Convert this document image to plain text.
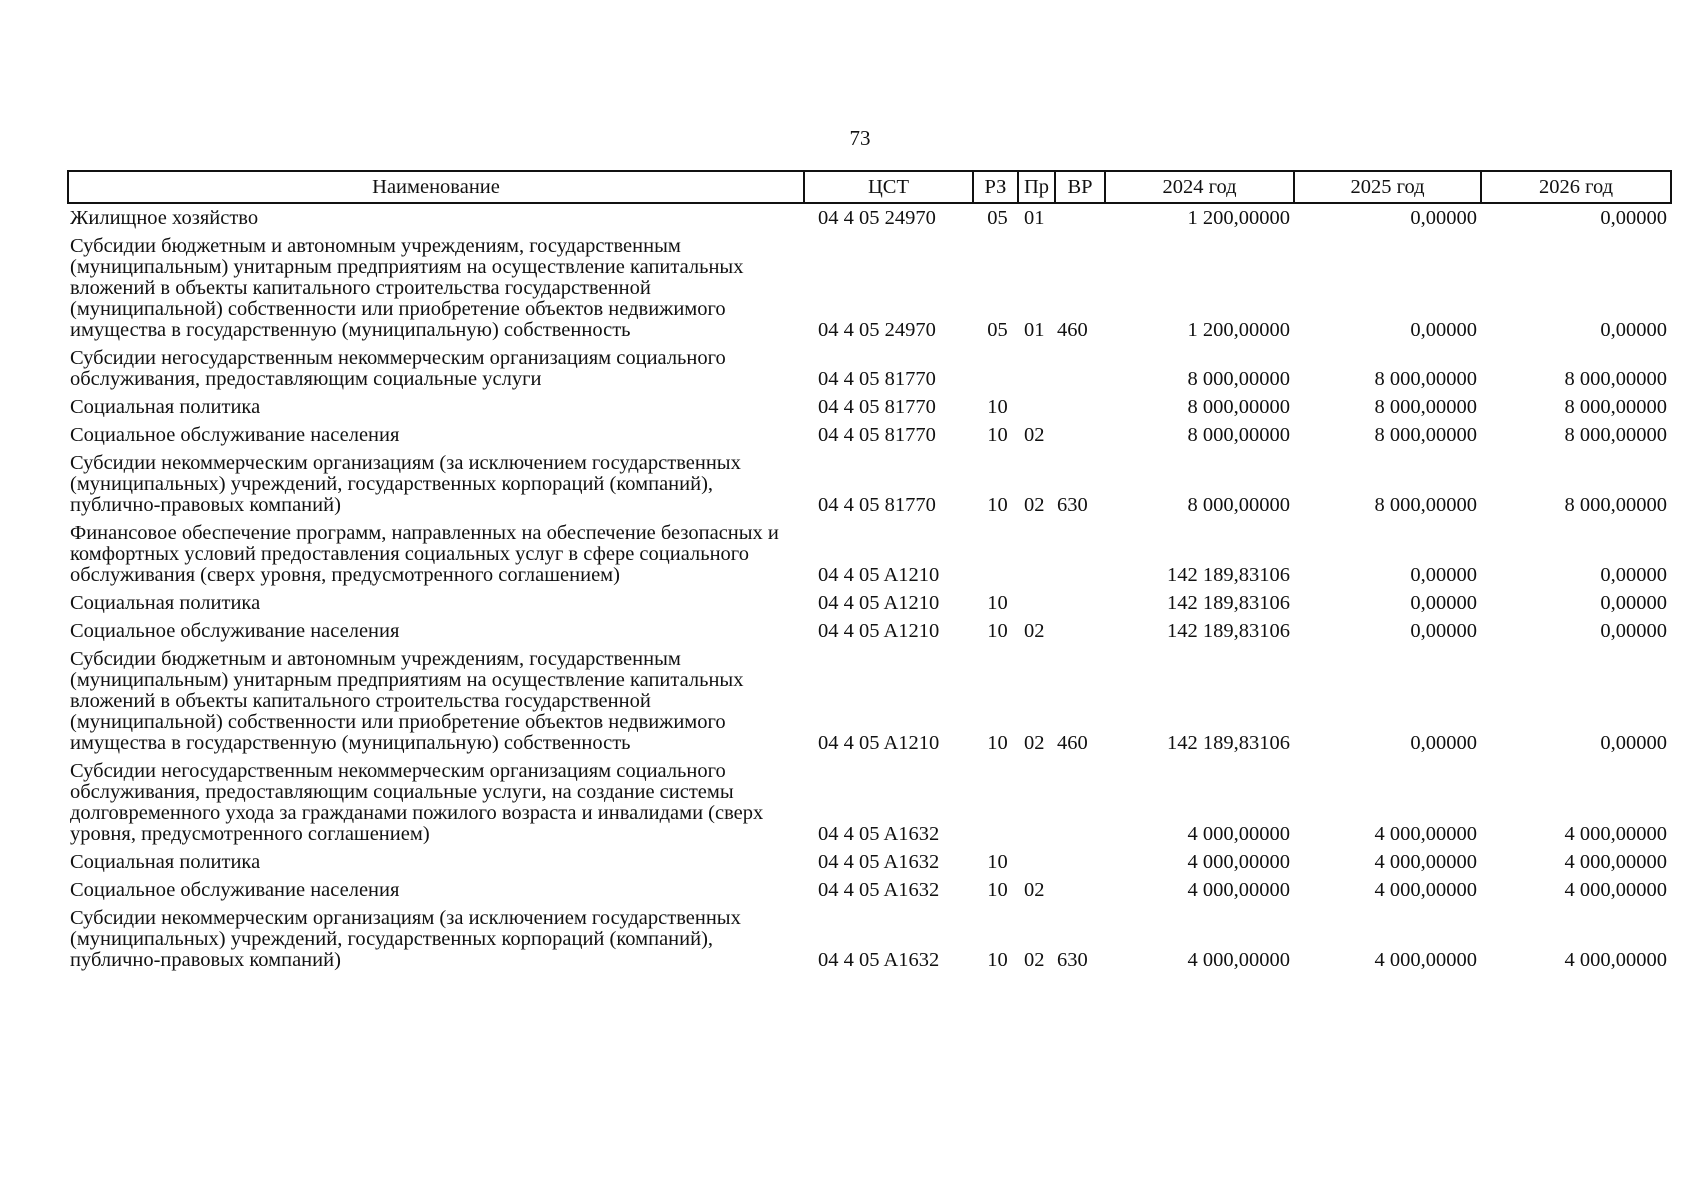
73
Наименование	ЦСТ	РЗ	Пр	ВР	2024 год	2025 год	2026 год
Жилищное хозяйство	04 4 05 24970	05	01		1 200,00000	0,00000	0,00000
Субсидии бюджетным и автономным учреждениям, государственным (муниципальным) унитарным предприятиям на осуществление капитальных вложений в объекты капитального строительства государственной (муниципальной) собственности или приобретение объектов недвижимого имущества в государственную (муниципальную) собственность	04 4 05 24970	05	01	460	1 200,00000	0,00000	0,00000
Субсидии негосударственным некоммерческим организациям социального обслуживания, предоставляющим социальные услуги	04 4 05 81770				8 000,00000	8 000,00000	8 000,00000
Социальная политика	04 4 05 81770	10			8 000,00000	8 000,00000	8 000,00000
Социальное обслуживание населения	04 4 05 81770	10	02		8 000,00000	8 000,00000	8 000,00000
Субсидии некоммерческим организациям (за исключением государственных (муниципальных) учреждений, государственных корпораций (компаний), публично-правовых компаний)	04 4 05 81770	10	02	630	8 000,00000	8 000,00000	8 000,00000
Финансовое обеспечение программ, направленных на обеспечение безопасных и комфортных условий предоставления социальных услуг в сфере социального обслуживания (сверх уровня, предусмотренного соглашением)	04 4 05 A1210				142 189,83106	0,00000	0,00000
Социальная политика	04 4 05 A1210	10			142 189,83106	0,00000	0,00000
Социальное обслуживание населения	04 4 05 A1210	10	02		142 189,83106	0,00000	0,00000
Субсидии бюджетным и автономным учреждениям, государственным (муниципальным) унитарным предприятиям на осуществление капитальных вложений в объекты капитального строительства государственной (муниципальной) собственности или приобретение объектов недвижимого имущества в государственную (муниципальную) собственность	04 4 05 A1210	10	02	460	142 189,83106	0,00000	0,00000
Субсидии негосударственным некоммерческим организациям социального обслуживания, предоставляющим социальные услуги, на создание системы долговременного ухода за гражданами пожилого возраста и инвалидами (сверх уровня, предусмотренного соглашением)	04 4 05 A1632				4 000,00000	4 000,00000	4 000,00000
Социальная политика	04 4 05 A1632	10			4 000,00000	4 000,00000	4 000,00000
Социальное обслуживание населения	04 4 05 A1632	10	02		4 000,00000	4 000,00000	4 000,00000
Субсидии некоммерческим организациям (за исключением государственных (муниципальных) учреждений, государственных корпораций (компаний), публично-правовых компаний)	04 4 05 A1632	10	02	630	4 000,00000	4 000,00000	4 000,00000
